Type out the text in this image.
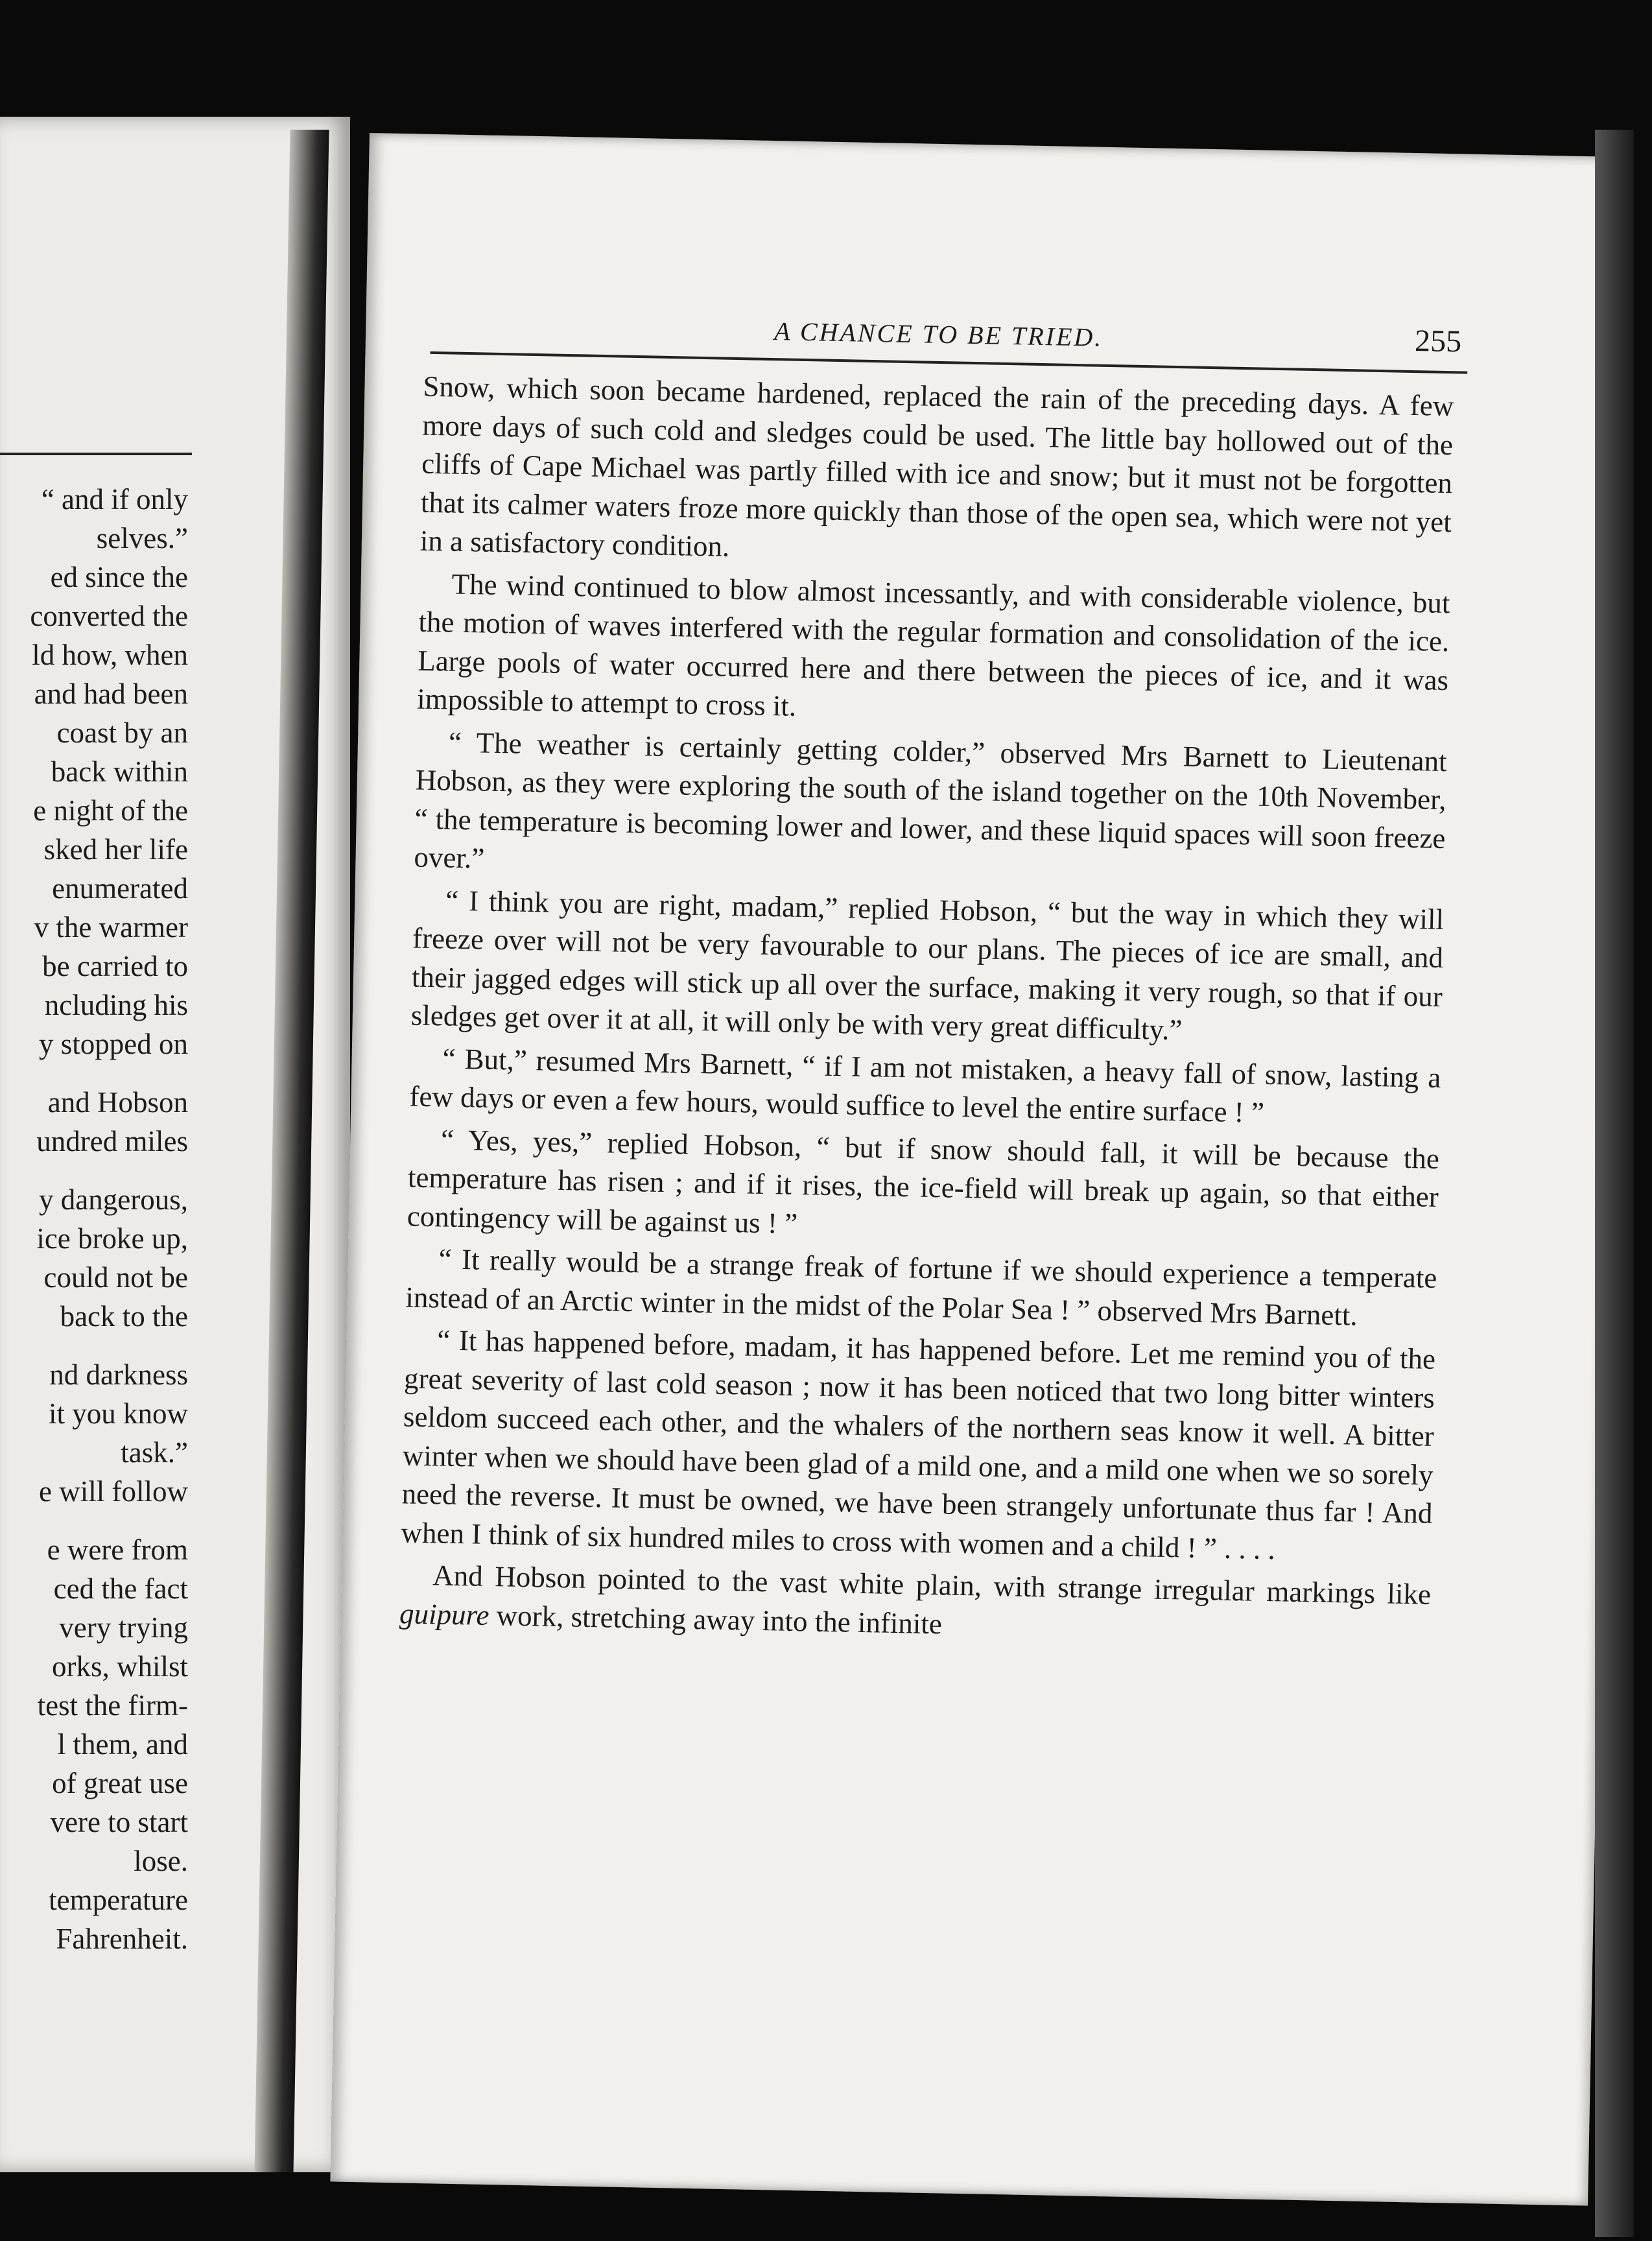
“ and if only
selves.”
ed since the
converted the
ld how, when
and had been
coast by an
back within
e night of the
sked her life
enumerated
v the warmer
be carried to
ncluding his
y stopped on
and Hobson
undred miles
y dangerous,
ice broke up,
could not be
back to the
nd darkness
it you know
task.”
e will follow
e were from
ced the fact
very trying
orks, whilst
test the firm-
l them, and
of great use
vere to start
lose.
temperature
Fahrenheit.
A CHANCE TO BE TRIED.	255

Snow, which soon became hardened, replaced the rain of the preceding days. A few more days of such cold and sledges could be used. The little bay hollowed out of the cliffs of Cape Michael was partly filled with ice and snow; but it must not be forgotten that its calmer waters froze more quickly than those of the open sea, which were not yet in a satisfactory condition.

The wind continued to blow almost incessantly, and with considerable violence, but the motion of waves interfered with the regular formation and consolidation of the ice. Large pools of water occurred here and there between the pieces of ice, and it was impossible to attempt to cross it.

“ The weather is certainly getting colder,” observed Mrs Barnett to Lieutenant Hobson, as they were exploring the south of the island together on the 10th November, “ the temperature is becoming lower and lower, and these liquid spaces will soon freeze over.”

“ I think you are right, madam,” replied Hobson, “ but the way in which they will freeze over will not be very favourable to our plans. The pieces of ice are small, and their jagged edges will stick up all over the surface, making it very rough, so that if our sledges get over it at all, it will only be with very great difficulty.”

“ But,” resumed Mrs Barnett, “ if I am not mistaken, a heavy fall of snow, lasting a few days or even a few hours, would suffice to level the entire surface ! ”

“ Yes, yes,” replied Hobson, “ but if snow should fall, it will be because the temperature has risen ; and if it rises, the ice-field will break up again, so that either contingency will be against us ! ”

“ It really would be a strange freak of fortune if we should experience a temperate instead of an Arctic winter in the midst of the Polar Sea ! ” observed Mrs Barnett.

“ It has happened before, madam, it has happened before. Let me remind you of the great severity of last cold season ; now it has been noticed that two long bitter winters seldom succeed each other, and the whalers of the northern seas know it well. A bitter winter when we should have been glad of a mild one, and a mild one when we so sorely need the reverse. It must be owned, we have been strangely unfortunate thus far ! And when I think of six hundred miles to cross with women and a child ! ” . . . .

And Hobson pointed to the vast white plain, with strange irregular markings like guipure work, stretching away into the infinite
